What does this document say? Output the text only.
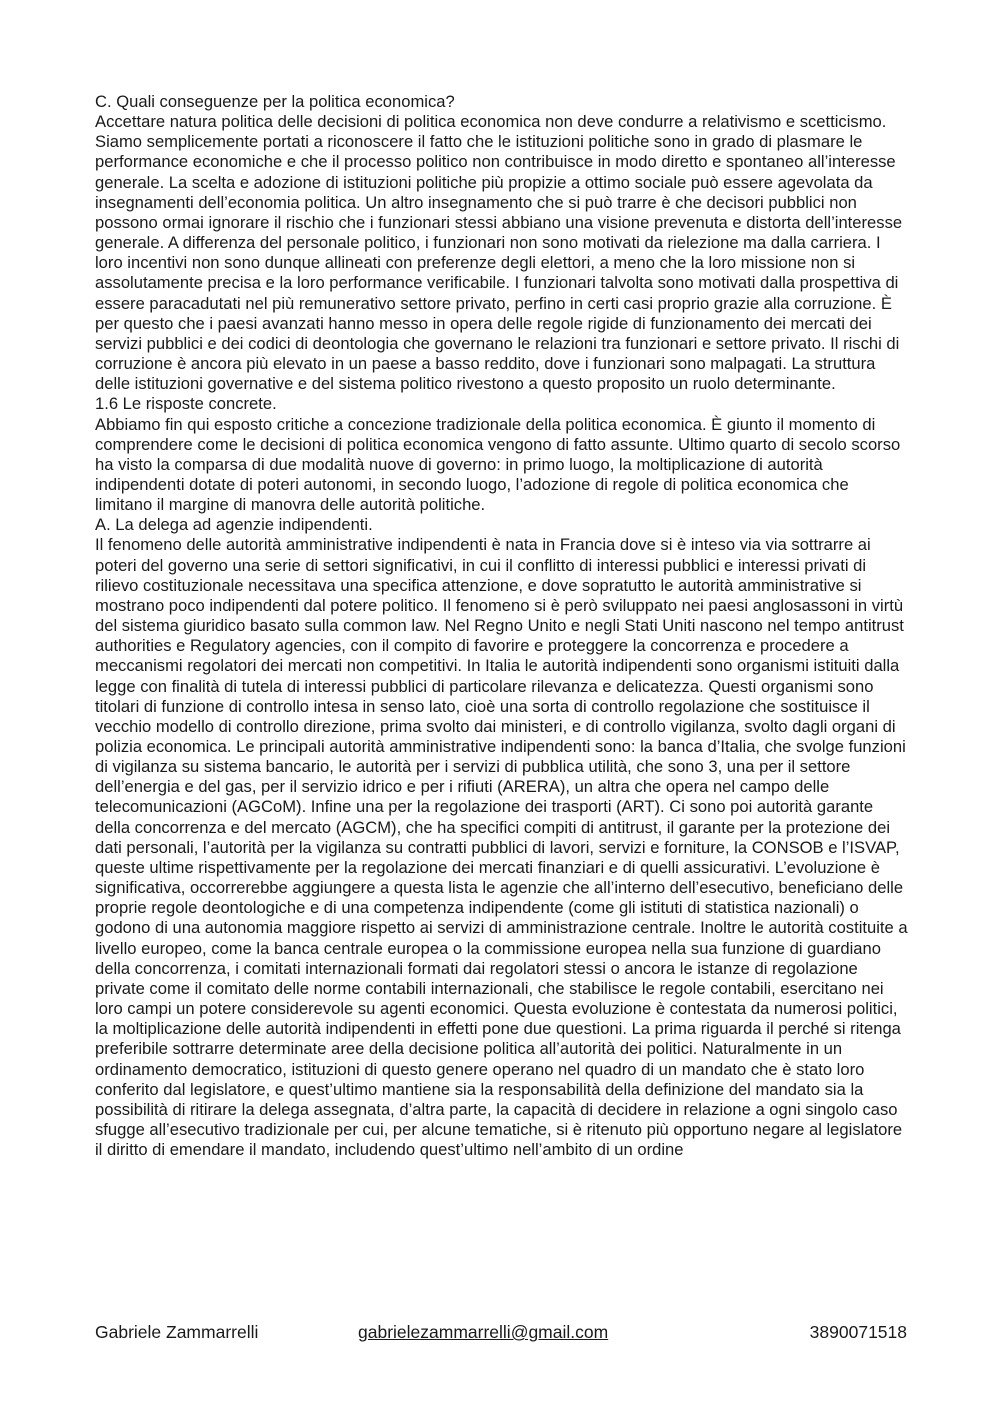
C. Quali conseguenze per la politica economica?

Accettare natura politica delle decisioni di politica economica non deve condurre a relativismo e scetticismo. Siamo semplicemente portati a riconoscere il fatto che le istituzioni politiche sono in grado di plasmare le performance economiche e che il processo politico non contribuisce in modo diretto e spontaneo all’interesse generale. La scelta e adozione di istituzioni politiche più propizie a ottimo sociale può essere agevolata da insegnamenti dell’economia politica. Un altro insegnamento che si può trarre è che decisori pubblici non possono ormai ignorare il rischio che i funzionari stessi abbiano una visione prevenuta e distorta dell’interesse generale. A differenza del personale politico, i funzionari non sono motivati da rielezione ma dalla carriera. I loro incentivi non sono dunque allineati con preferenze degli elettori, a meno che la loro missione non si assolutamente precisa e la loro performance verificabile. I funzionari talvolta sono motivati dalla prospettiva di essere paracadutati nel più remunerativo settore privato, perfino in certi casi proprio grazie alla corruzione. È per questo che i paesi avanzati hanno messo in opera delle regole rigide di funzionamento dei mercati dei servizi pubblici e dei codici di deontologia che governano le relazioni tra funzionari e settore privato. Il rischi di corruzione è ancora più elevato in un paese a basso reddito, dove i funzionari sono malpagati. La struttura delle istituzioni governative e del sistema politico rivestono a questo proposito un ruolo determinante.

1.6 Le risposte concrete.

Abbiamo fin qui esposto critiche a concezione tradizionale della politica economica. È giunto il momento di comprendere come le decisioni di politica economica vengono di fatto assunte. Ultimo quarto di secolo scorso ha visto la comparsa di due modalità nuove di governo: in primo luogo, la moltiplicazione di autorità indipendenti dotate di poteri autonomi, in secondo luogo, l’adozione di regole di politica economica che limitano il margine di manovra delle autorità politiche.

A. La delega ad agenzie indipendenti.

Il fenomeno delle autorità amministrative indipendenti è nata in Francia dove si è inteso via via sottrarre ai poteri del governo una serie di settori significativi, in cui il conflitto di interessi pubblici e interessi privati di rilievo costituzionale necessitava una specifica attenzione, e dove sopratutto le autorità amministrative si mostrano poco indipendenti dal potere politico. Il fenomeno si è però sviluppato nei paesi anglosassoni in virtù del sistema giuridico basato sulla common law. Nel Regno Unito e negli Stati Uniti nascono nel tempo antitrust authorities e Regulatory agencies, con il compito di favorire e proteggere la concorrenza e procedere a meccanismi regolatori dei mercati non competitivi. In Italia le autorità indipendenti sono organismi istituiti dalla legge con finalità di tutela di interessi pubblici di particolare rilevanza e delicatezza. Questi organismi sono titolari di funzione di controllo intesa in senso lato, cioè una sorta di controllo regolazione che sostituisce il vecchio modello di controllo direzione, prima svolto dai ministeri, e di controllo vigilanza, svolto dagli organi di polizia economica. Le principali autorità amministrative indipendenti sono: la banca d’Italia, che svolge funzioni di vigilanza su sistema bancario, le autorità per i servizi di pubblica utilità, che sono 3, una per il settore dell’energia e del gas, per il servizio idrico e per i rifiuti (ARERA), un altra che opera nel campo delle telecomunicazioni (AGCoM). Infine una per la regolazione dei trasporti (ART). Ci sono poi autorità garante della concorrenza e del mercato (AGCM), che ha specifici compiti di antitrust, il garante per la protezione dei dati personali, l’autorità per la vigilanza su contratti pubblici di lavori, servizi e forniture, la CONSOB e l’ISVAP, queste ultime rispettivamente per la regolazione dei mercati finanziari e di quelli assicurativi. L’evoluzione è significativa, occorrerebbe aggiungere a questa lista le agenzie che all’interno dell’esecutivo, beneficiano delle proprie regole deontologiche e di una competenza indipendente (come gli istituti di statistica nazionali) o godono di una autonomia maggiore rispetto ai servizi di amministrazione centrale. Inoltre le autorità costituite a livello europeo, come la banca centrale europea o la commissione europea nella sua funzione di guardiano della concorrenza, i comitati internazionali formati dai regolatori stessi o ancora le istanze di regolazione private come il comitato delle norme contabili internazionali, che stabilisce le regole contabili, esercitano nei loro campi un potere considerevole su agenti economici. Questa evoluzione è contestata da numerosi politici, la moltiplicazione delle autorità indipendenti in effetti pone due questioni. La prima riguarda il perché si ritenga preferibile sottrarre determinate aree della decisione politica all’autorità dei politici. Naturalmente in un ordinamento democratico, istituzioni di questo genere operano nel quadro di un mandato che è stato loro conferito dal legislatore, e quest’ultimo mantiene sia la responsabilità della definizione del mandato sia la possibilità di ritirare la delega assegnata, d’altra parte, la capacità di decidere in relazione a ogni singolo caso sfugge all’esecutivo tradizionale per cui, per alcune tematiche, si è ritenuto più opportuno negare al legislatore il diritto di emendare il mandato, includendo quest’ultimo nell’ambito di un ordine

Gabriele Zammarrelli	gabrielezammarrelli@gmail.com	3890071518
